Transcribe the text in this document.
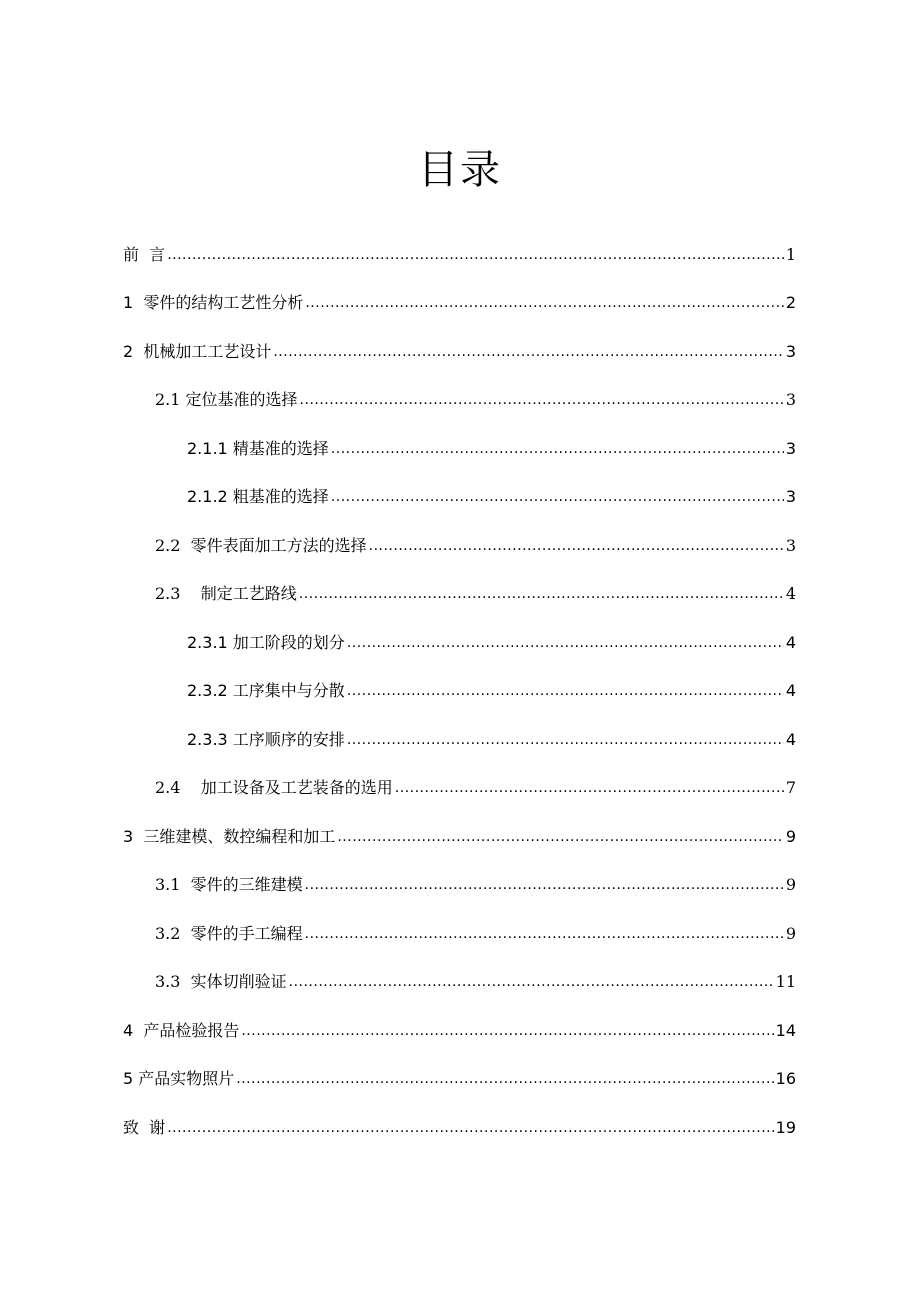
目录
前  言 .....	1
1  零件的结构工艺性分析 .....	2
2  机械加工工艺设计 .....	3
2.1 定位基准的选择 .....	3
2.1.1 精基准的选择 .....	3
2.1.2 粗基准的选择 .....	3
2.2  零件表面加工方法的选择 .....	3
2.3    制定工艺路线 .....	4
2.3.1 加工阶段的划分 .....	4
2.3.2 工序集中与分散 .....	4
2.3.3 工序顺序的安排 .....	4
2.4    加工设备及工艺装备的选用 .....	7
3  三维建模、数控编程和加工 .....	9
3.1  零件的三维建模 .....	9
3.2  零件的手工编程 .....	9
3.3  实体切削验证 .....	11
4  产品检验报告 .....	14
5 产品实物照片 .....	16
致  谢 .....	19
